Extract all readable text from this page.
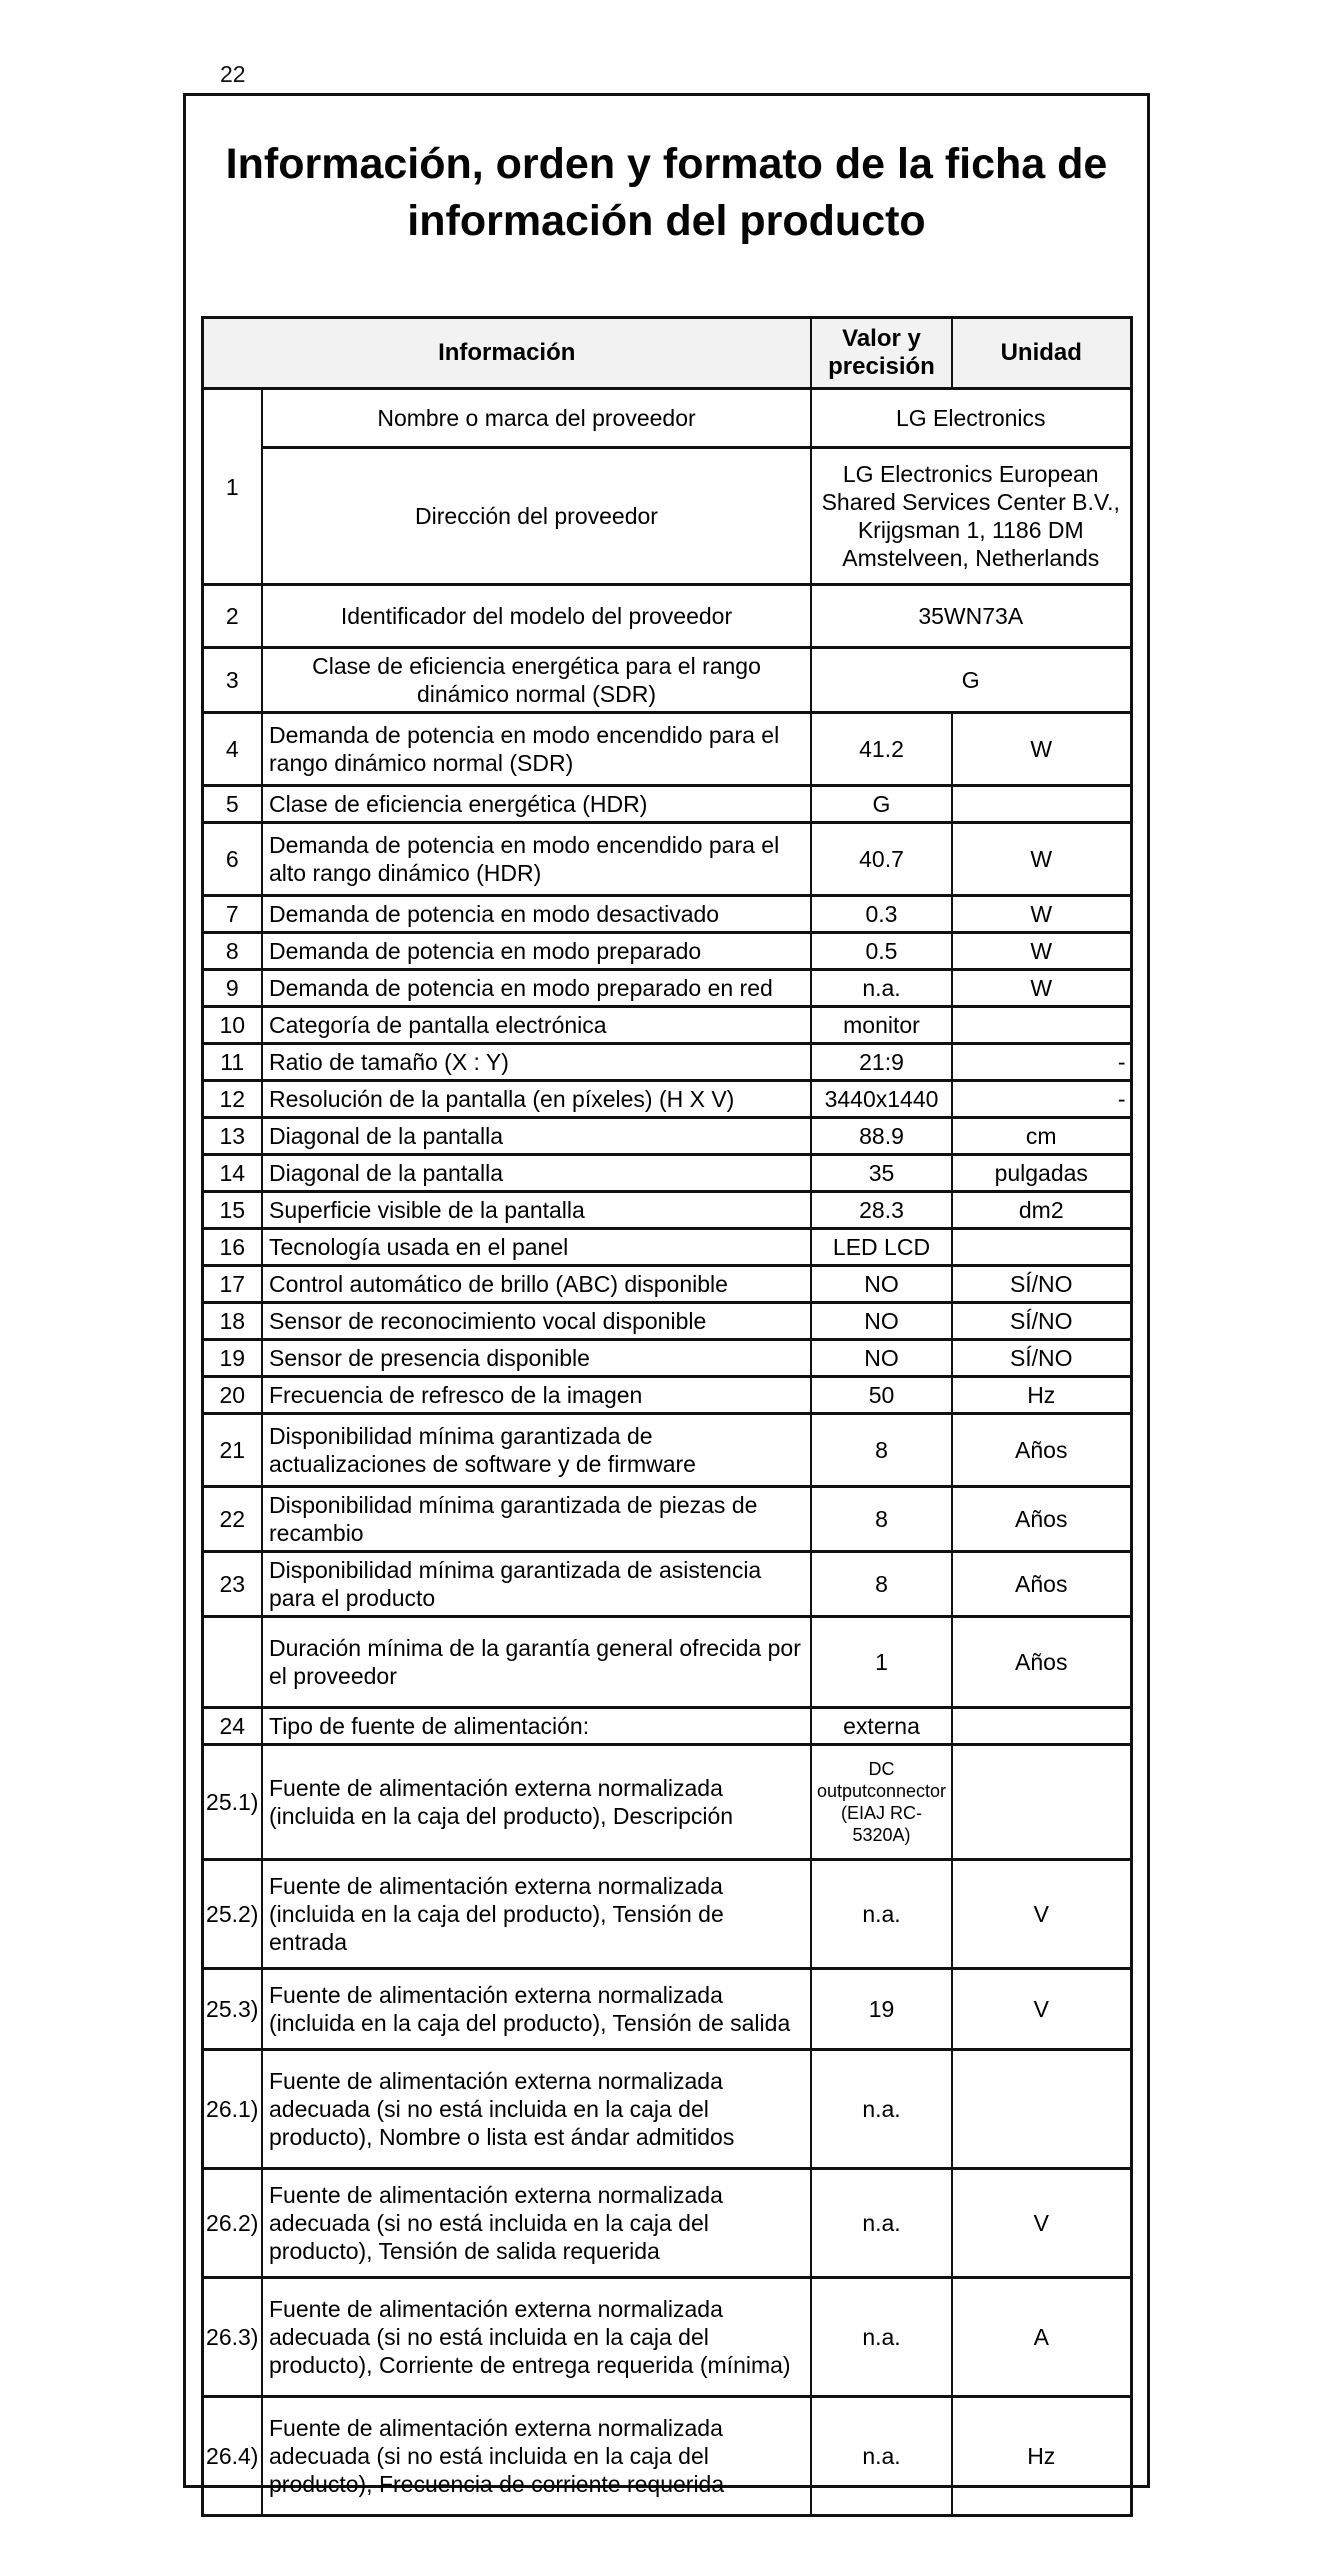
22
Información, orden y formato de la ficha de información del producto
Información		Valor y precisión	Unidad
1	Nombre o marca del proveedor	LG Electronics	
	Dirección del proveedor	LG Electronics European Shared Services Center B.V., Krijgsman 1, 1186 DM Amstelveen, Netherlands	
2	Identificador del modelo del proveedor	35WN73A	
3	Clase de eficiencia energética para el rango dinámico normal (SDR)	G	
4	Demanda de potencia en modo encendido para el rango dinámico normal (SDR)	41.2	W
5	Clase de eficiencia energética (HDR)	G	
6	Demanda de potencia en modo encendido para el alto rango dinámico (HDR)	40.7	W
7	Demanda de potencia en modo desactivado	0.3	W
8	Demanda de potencia en modo preparado	0.5	W
9	Demanda de potencia en modo preparado en red	n.a.	W
10	Categoría de pantalla electrónica	monitor	
11	Ratio de tamaño (X : Y)	21:9	-
12	Resolución de la pantalla (en píxeles) (H X V)	3440x1440	-
13	Diagonal de la pantalla	88.9	cm
14	Diagonal de la pantalla	35	pulgadas
15	Superficie visible de la pantalla	28.3	dm2
16	Tecnología usada en el panel	LED LCD	
17	Control automático de brillo (ABC) disponible	NO	SÍ/NO
18	Sensor de reconocimiento vocal disponible	NO	SÍ/NO
19	Sensor de presencia disponible	NO	SÍ/NO
20	Frecuencia de refresco de la imagen	50	Hz
21	Disponibilidad mínima garantizada de actualizaciones de software y de firmware	8	Años
22	Disponibilidad mínima garantizada de piezas de recambio	8	Años
23	Disponibilidad mínima garantizada de asistencia para el producto	8	Años
	Duración mínima de la garantía general ofrecida por el proveedor	1	Años
24	Tipo de fuente de alimentación:	externa	
25.1)	Fuente de alimentación externa normalizada (incluida en la caja del producto), Descripción	DC outputconnector (EIAJ RC-5320A)	
25.2)	Fuente de alimentación externa normalizada (incluida en la caja del producto), Tensión de entrada	n.a.	V
25.3)	Fuente de alimentación externa normalizada (incluida en la caja del producto), Tensión de salida	19	V
26.1)	Fuente de alimentación externa normalizada adecuada (si no está incluida en la caja del producto), Nombre o lista est ándar admitidos	n.a.	
26.2)	Fuente de alimentación externa normalizada adecuada (si no está incluida en la caja del producto), Tensión de salida requerida	n.a.	V
26.3)	Fuente de alimentación externa normalizada adecuada (si no está incluida en la caja del producto), Corriente de entrega requerida (mínima)	n.a.	A
26.4)	Fuente de alimentación externa normalizada adecuada (si no está incluida en la caja del producto), Frecuencia de corriente requerida	n.a.	Hz
